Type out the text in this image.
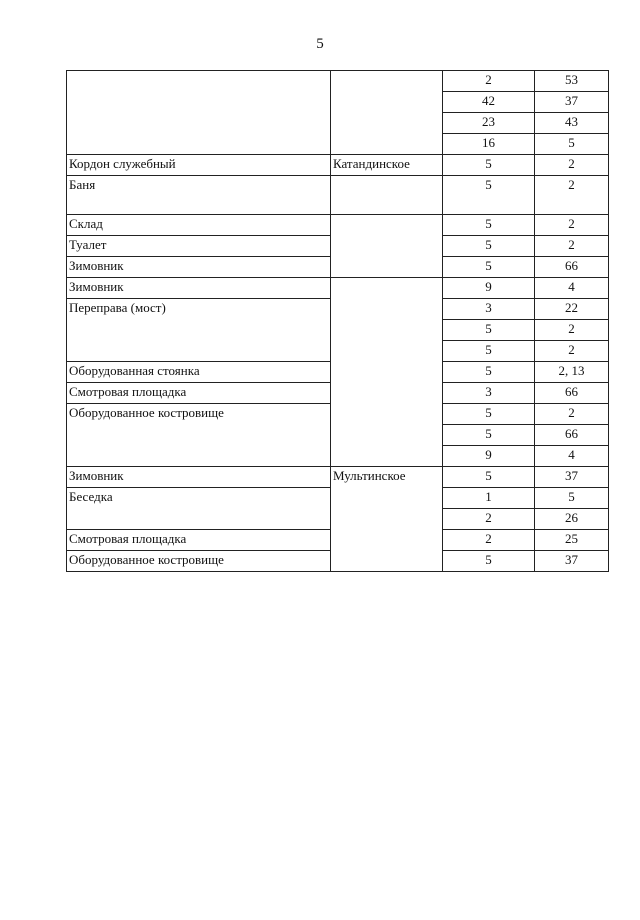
5
		2	53
		42	37
		23	43
		16	5
Кордон служебный	Катандинское	5	2
Баня		5	2
Склад		5	2
Туалет		5	2
Зимовник		5	66
Зимовник		9	4
Переправа (мост)		3	22
		5	2
		5	2
Оборудованная стоянка		5	2, 13
Смотровая площадка		3	66
Оборудованное костровище		5	2
		5	66
		9	4
Зимовник	Мультинское	5	37
Беседка		1	5
		2	26
Смотровая площадка		2	25
Оборудованное костровище		5	37
